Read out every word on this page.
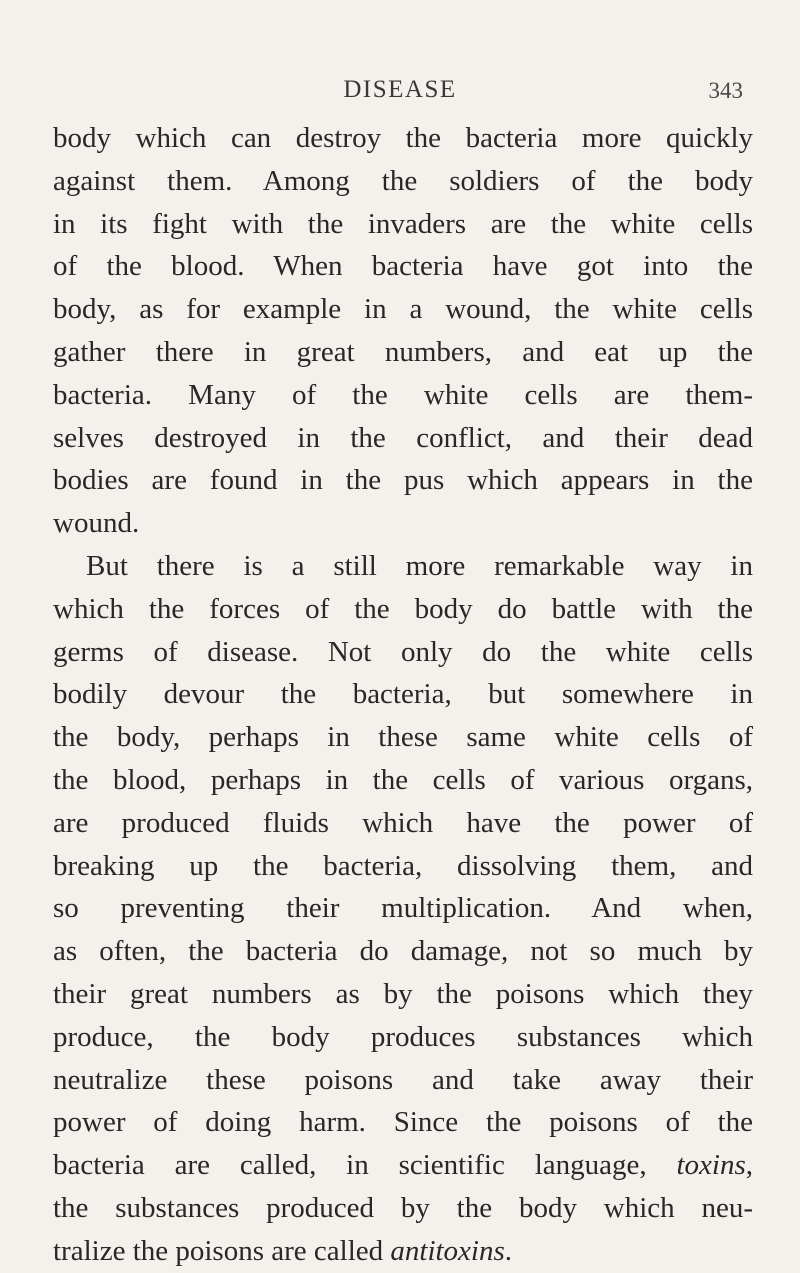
DISEASE	343
body which can destroy the bacteria more quickly
against them. Among the soldiers of the body
in its fight with the invaders are the white cells
of the blood. When bacteria have got into the
body, as for example in a wound, the white cells
gather there in great numbers, and eat up the
bacteria. Many of the white cells are them-
selves destroyed in the conflict, and their dead
bodies are found in the pus which appears in the
wound.
But there is a still more remarkable way in
which the forces of the body do battle with the
germs of disease. Not only do the white cells
bodily devour the bacteria, but somewhere in
the body, perhaps in these same white cells of
the blood, perhaps in the cells of various organs,
are produced fluids which have the power of
breaking up the bacteria, dissolving them, and
so preventing their multiplication. And when,
as often, the bacteria do damage, not so much by
their great numbers as by the poisons which they
produce, the body produces substances which
neutralize these poisons and take away their
power of doing harm. Since the poisons of the
bacteria are called, in scientific language, toxins,
the substances produced by the body which neu-
tralize the poisons are called antitoxins.
